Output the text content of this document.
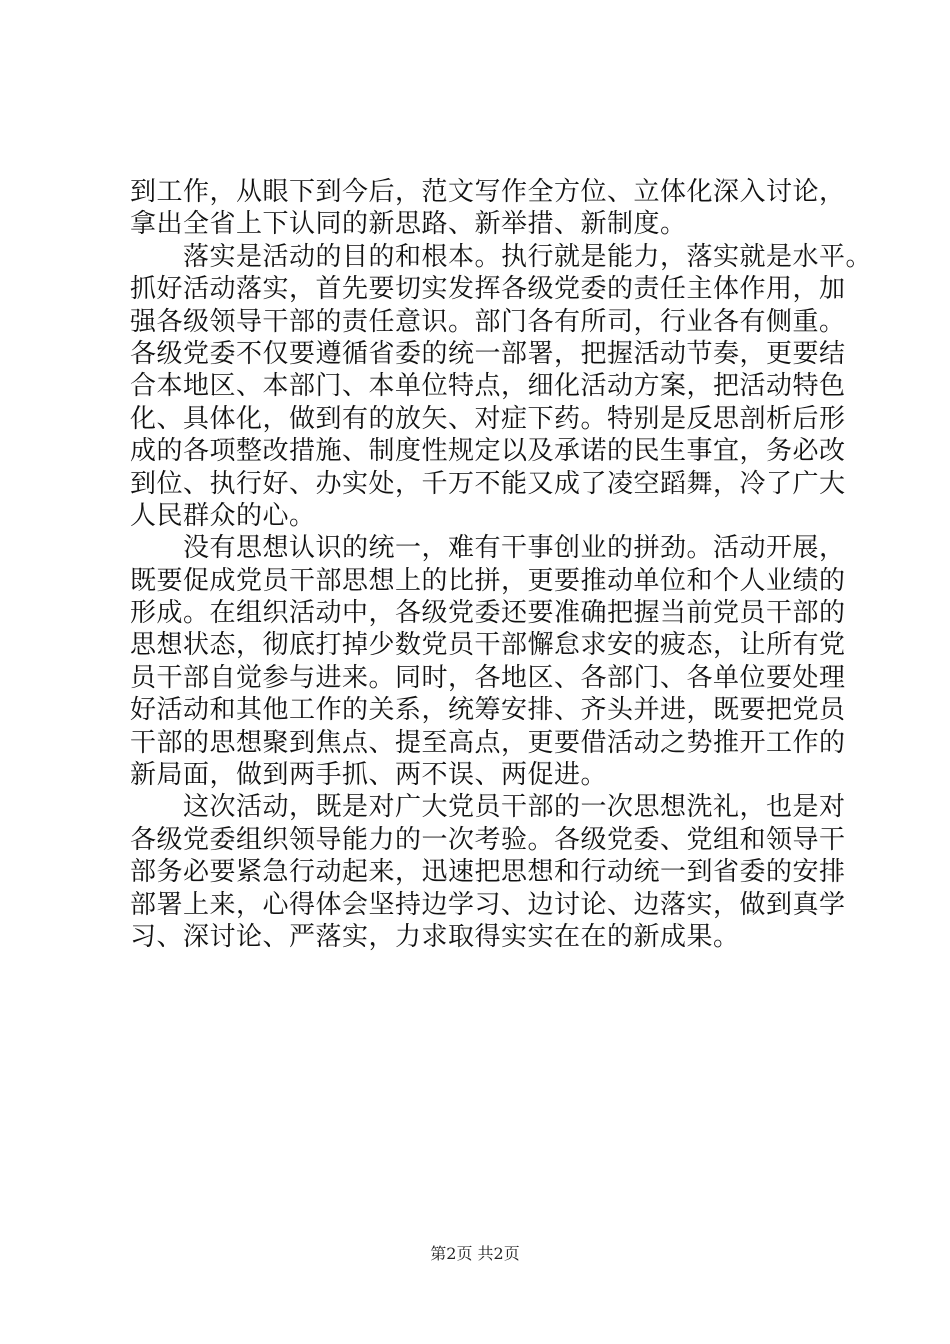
到工作，从眼下到今后，范文写作全方位、立体化深入讨论，
拿出全省上下认同的新思路、新举措、新制度。
　　落实是活动的目的和根本。执行就是能力，落实就是水平。
抓好活动落实，首先要切实发挥各级党委的责任主体作用，加
强各级领导干部的责任意识。部门各有所司，行业各有侧重。
各级党委不仅要遵循省委的统一部署，把握活动节奏，更要结
合本地区、本部门、本单位特点，细化活动方案，把活动特色
化、具体化，做到有的放矢、对症下药。特别是反思剖析后形
成的各项整改措施、制度性规定以及承诺的民生事宜，务必改
到位、执行好、办实处，千万不能又成了凌空蹈舞，冷了广大
人民群众的心。
　　没有思想认识的统一，难有干事创业的拼劲。活动开展，
既要促成党员干部思想上的比拼，更要推动单位和个人业绩的
形成。在组织活动中，各级党委还要准确把握当前党员干部的
思想状态，彻底打掉少数党员干部懈怠求安的疲态，让所有党
员干部自觉参与进来。同时，各地区、各部门、各单位要处理
好活动和其他工作的关系，统筹安排、齐头并进，既要把党员
干部的思想聚到焦点、提至高点，更要借活动之势推开工作的
新局面，做到两手抓、两不误、两促进。
　　这次活动，既是对广大党员干部的一次思想洗礼，也是对
各级党委组织领导能力的一次考验。各级党委、党组和领导干
部务必要紧急行动起来，迅速把思想和行动统一到省委的安排
部署上来，心得体会坚持边学习、边讨论、边落实，做到真学
习、深讨论、严落实，力求取得实实在在的新成果。
第2页 共2页
